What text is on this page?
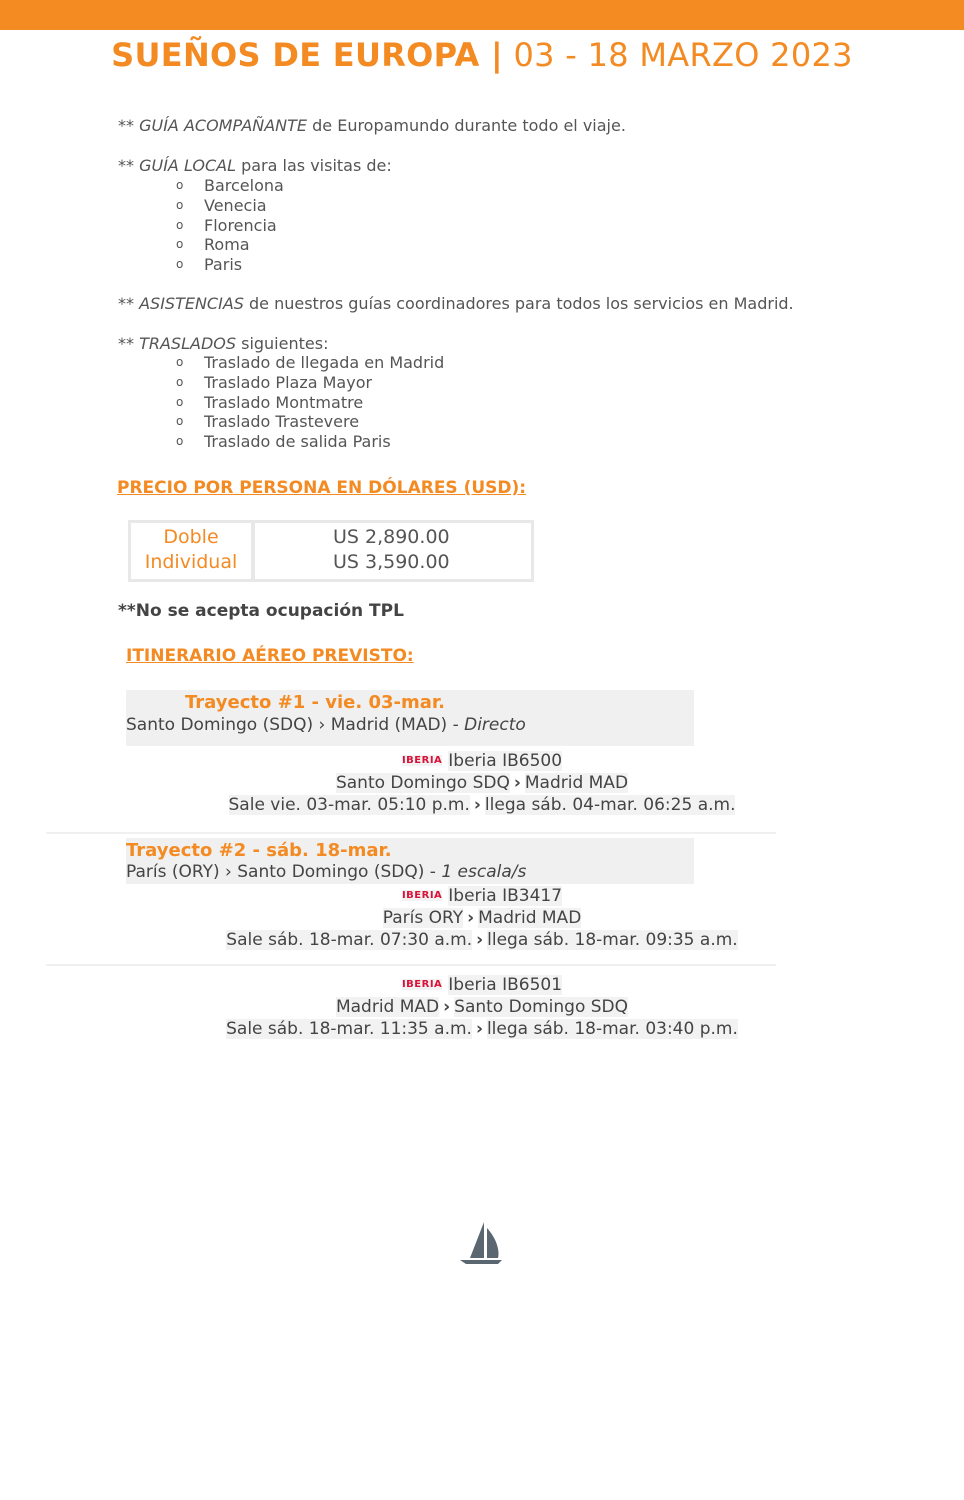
SUEÑOS DE EUROPA | 03 - 18 MARZO 2023
** GUÍA ACOMPAÑANTE de Europamundo durante todo el viaje.
** GUÍA LOCAL para las visitas de:
o Barcelona
o Venecia
o Florencia
o Roma
o Paris
** ASISTENCIAS de nuestros guías coordinadores para todos los servicios en Madrid.
** TRASLADOS siguientes:
o Traslado de llegada en Madrid
o Traslado Plaza Mayor
o Traslado Montmatre
o Traslado Trastevere
o Traslado de salida Paris
PRECIO POR PERSONA EN DÓLARES (USD):
Doble	US 2,890.00
Individual	US 3,590.00
**No se acepta ocupación TPL
ITINERARIO AÉREO PREVISTO:
Trayecto #1 - vie. 03-mar.
Santo Domingo (SDQ) › Madrid (MAD) - Directo
IBERIA Iberia IB6500
Santo Domingo SDQ › Madrid MAD
Sale vie. 03-mar. 05:10 p.m. › llega sáb. 04-mar. 06:25 a.m.
Trayecto #2 - sáb. 18-mar.
París (ORY) › Santo Domingo (SDQ) - 1 escala/s
IBERIA Iberia IB3417
París ORY › Madrid MAD
Sale sáb. 18-mar. 07:30 a.m. › llega sáb. 18-mar. 09:35 a.m.
IBERIA Iberia IB6501
Madrid MAD › Santo Domingo SDQ
Sale sáb. 18-mar. 11:35 a.m. › llega sáb. 18-mar. 03:40 p.m.
